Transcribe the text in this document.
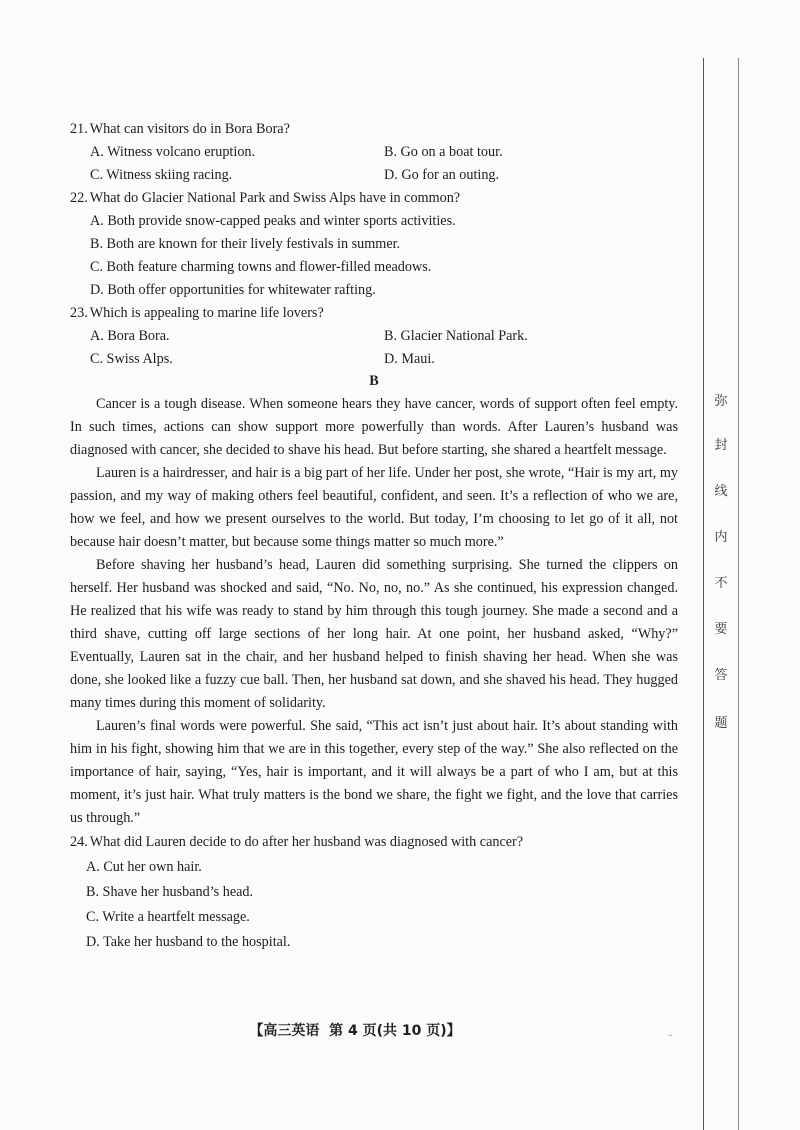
21. What can visitors do in Bora Bora?
A. Witness volcano eruption.	B. Go on a boat tour.
C. Witness skiing racing.	D. Go for an outing.
22. What do Glacier National Park and Swiss Alps have in common?
A. Both provide snow-capped peaks and winter sports activities.
B. Both are known for their lively festivals in summer.
C. Both feature charming towns and flower-filled meadows.
D. Both offer opportunities for whitewater rafting.
23. Which is appealing to marine life lovers?
A. Bora Bora.	B. Glacier National Park.
C. Swiss Alps.	D. Maui.
B

Cancer is a tough disease. When someone hears they have cancer, words of support often feel empty. In such times, actions can show support more powerfully than words. After Lauren’s husband was diagnosed with cancer, she decided to shave his head. But before starting, she shared a heartfelt message.

Lauren is a hairdresser, and hair is a big part of her life. Under her post, she wrote, “Hair is my art, my passion, and my way of making others feel beautiful, confident, and seen. It’s a reflection of who we are, how we feel, and how we present ourselves to the world. But today, I’m choosing to let go of it all, not because hair doesn’t matter, but because some things matter so much more.”

Before shaving her husband’s head, Lauren did something surprising. She turned the clippers on herself. Her husband was shocked and said, “No. No, no, no.” As she continued, his expression changed. He realized that his wife was ready to stand by him through this tough journey. She made a second and a third shave, cutting off large sections of her long hair. At one point, her husband asked, “Why?” Eventually, Lauren sat in the chair, and her husband helped to finish shaving her head. When she was done, she looked like a fuzzy cue ball. Then, her husband sat down, and she shaved his head. They hugged many times during this moment of solidarity.

Lauren’s final words were powerful. She said, “This act isn’t just about hair. It’s about standing with him in his fight, showing him that we are in this together, every step of the way.” She also reflected on the importance of hair, saying, “Yes, hair is important, and it will always be a part of who I am, but at this moment, it’s just hair. What truly matters is the bond we share, the fight we fight, and the love that carries us through.”

24. What did Lauren decide to do after her husband was diagnosed with cancer?
A. Cut her own hair.
B. Shave her husband’s head.
C. Write a heartfelt message.
D. Take her husband to the hospital.
【高三英语 第 4 页(共 10 页)】	..
弥
封
线
内
不
要
答
题
